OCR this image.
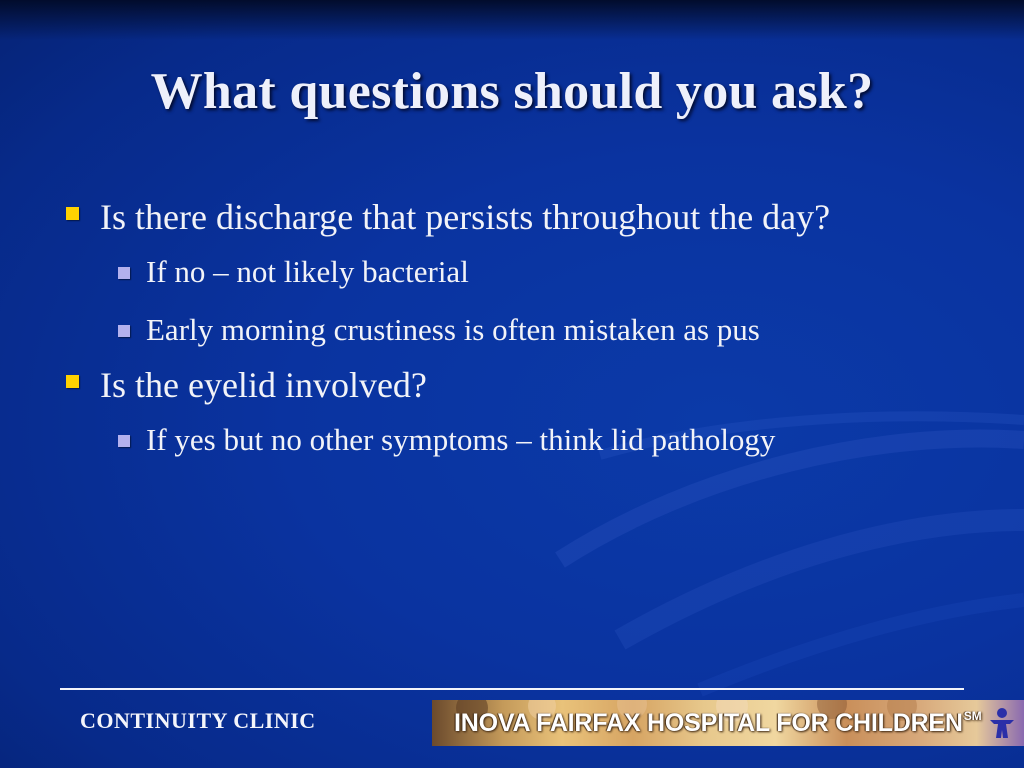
What questions should you ask?
Is there discharge that persists throughout the day?
If no – not likely bacterial
Early morning crustiness is often mistaken as pus
Is the eyelid involved?
If yes but no other symptoms – think lid pathology
CONTINUITY CLINIC	INOVA FAIRFAX HOSPITAL FOR CHILDREN℠
